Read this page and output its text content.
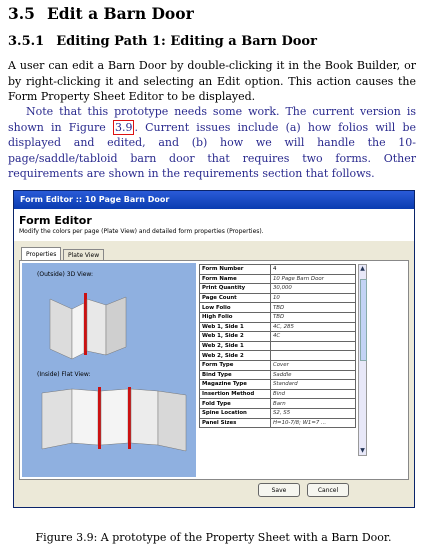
3.5 Edit a Barn Door
3.5.1 Editing Path 1: Editing a Barn Door
A user can edit a Barn Door by double-clicking it in the Book Builder, or by right-clicking it and selecting an Edit option. This action causes the Form Property Sheet Editor to be displayed.
Note that this prototype needs some work. The current version is shown in Figure 3.9 . Current issues include (a) how folios will be displayed and edited, and (b) how we will handle the 10-page/saddle/tabloid barn door that requires two forms. Other requirements are shown in the requirements section that follows.
Form Editor :: 10 Page Barn Door
Form Editor
Modify the colors per page (Plate View) and detailed form properties (Properties).
Properties	Plate View
(Outside) 3D View:
(Inside) Flat View:
Form Number	4
Form Name	10 Page Barn Door
Print Quantity	30,000
Page Count	10
Low Folio	TBD
High Folio	TBD
Web 1, Side 1	4C, 285
Web 1, Side 2	4C
Web 2, Side 1	
Web 2, Side 2	
Form Type	Cover
Bind Type	Saddle
Magazine Type	Standard
Insertion Method	Bind
Fold Type	Barn
Spine Location	S2, S5
Panel Sizes	H=10-7/8; W1=7 ...
▲
▼
Save	Cancel
Figure 3.9: A prototype of the Property Sheet with a Barn Door.
